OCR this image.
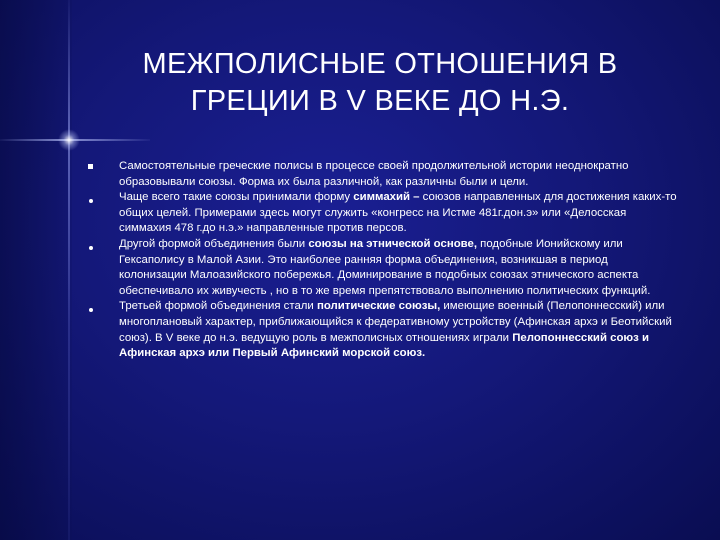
МЕЖПОЛИСНЫЕ ОТНОШЕНИЯ В
ГРЕЦИИ В V ВЕКЕ ДО Н.Э.
Самостоятельные греческие полисы в процессе своей продолжительной истории неоднократно образовывали союзы. Форма их была различной, как различны были и цели.
Чаще всего такие союзы принимали форму симмахий – союзов направленных для достижения каких-то общих целей. Примерами здесь могут служить «конгресс на Истме 481г.дон.э» или «Делосская симмахия 478 г.до н.э.» направленные против персов.
Другой формой объединения были союзы на этнической основе, подобные Ионийскому или Гексаполису в Малой Азии. Это наиболее ранняя форма объединения, возникшая в период колонизации Малоазийского побережья. Доминирование в подобных союзах этнического аспекта обеспечивало их живучесть , но в то же время препятствовало выполнению политических функций.
Третьей формой объединения стали политические союзы, имеющие военный (Пелопоннесский) или многоплановый характер, приближающийся к федеративному устройству (Афинская архэ и Беотийский союз). В V веке до н.э. ведущую роль в межполисных отношениях играли Пелопоннесский союз и Афинская архэ или Первый Афинский морской союз.
